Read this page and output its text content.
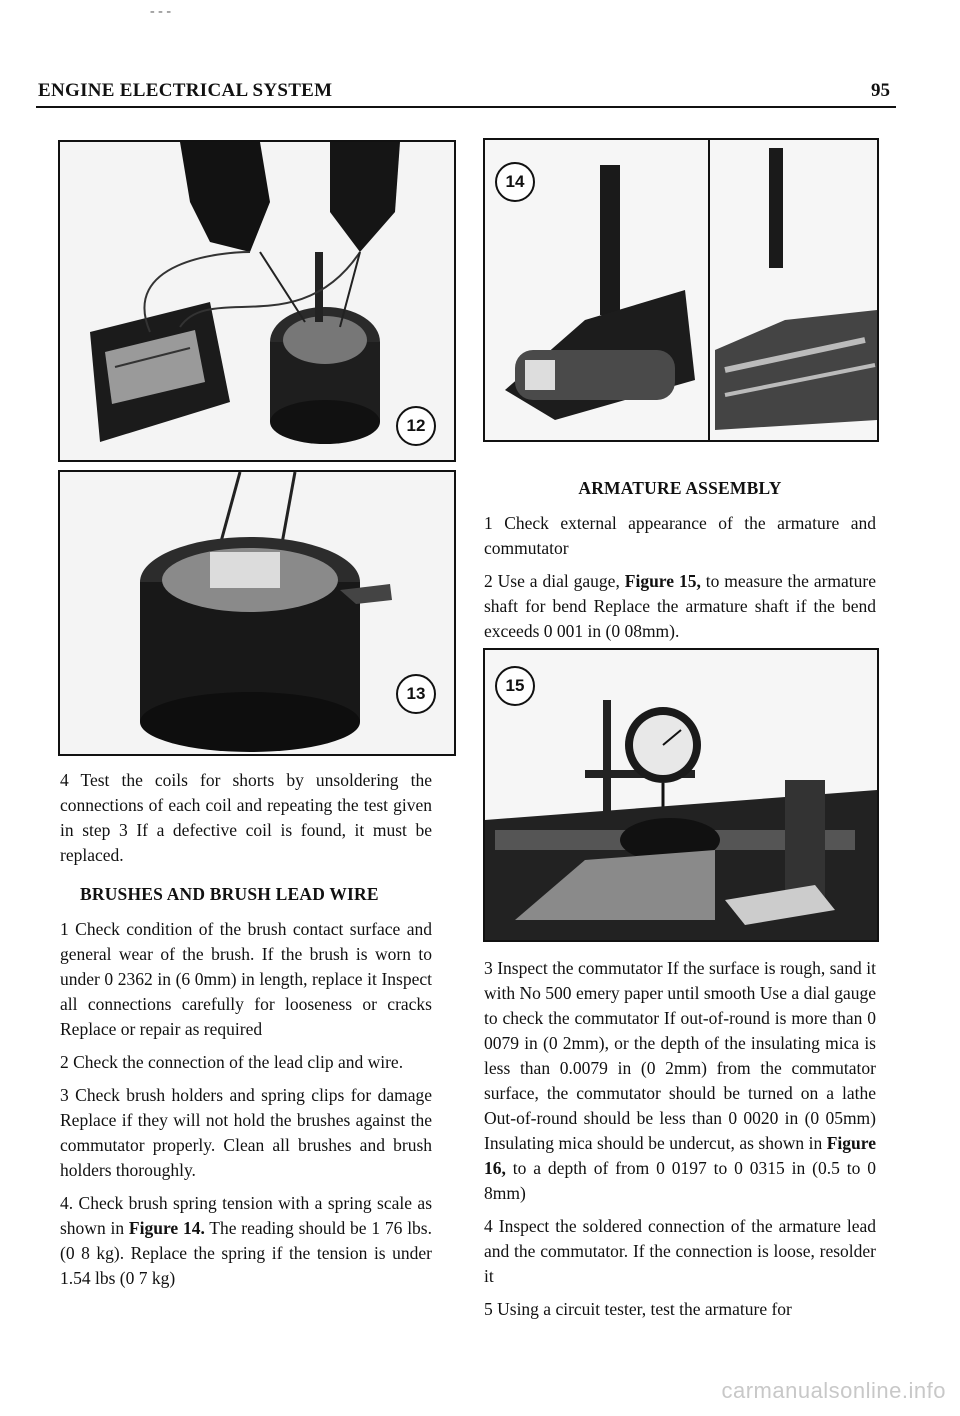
- - -
ENGINE ELECTRICAL SYSTEM	95
12
13
14
15

4 Test the coils for shorts by unsoldering the connections of each coil and repeating the test given in step 3 If a defective coil is found, it must be replaced.

BRUSHES AND BRUSH LEAD WIRE

1 Check condition of the brush contact surface and general wear of the brush. If the brush is worn to under 0 2362 in (6 0mm) in length, replace it Inspect all connections carefully for looseness or cracks Replace or repair as required

2 Check the connection of the lead clip and wire.

3 Check brush holders and spring clips for damage Replace if they will not hold the brushes against the commutator properly. Clean all brushes and brush holders thoroughly.

4. Check brush spring tension with a spring scale as shown in Figure 14. The reading should be 1 76 lbs. (0 8 kg). Replace the spring if the tension is under 1.54 lbs (0 7 kg)

ARMATURE ASSEMBLY

1 Check external appearance of the armature and commutator

2 Use a dial gauge, Figure 15, to measure the armature shaft for bend Replace the armature shaft if the bend exceeds 0 001 in (0 08mm).

3 Inspect the commutator If the surface is rough, sand it with No 500 emery paper until smooth Use a dial gauge to check the commutator If out-of-round is more than 0 0079 in (0 2mm), or the depth of the insulating mica is less than 0.0079 in (0 2mm) from the commutator surface, the commutator should be turned on a lathe Out-of-round should be less than 0 0020 in (0 05mm) Insulating mica should be undercut, as shown in Figure 16, to a depth of from 0 0197 to 0 0315 in (0.5 to 0 8mm)

4 Inspect the soldered connection of the armature lead and the commutator. If the connection is loose, resolder it

5 Using a circuit tester, test the armature for

carmanualsonline.info
